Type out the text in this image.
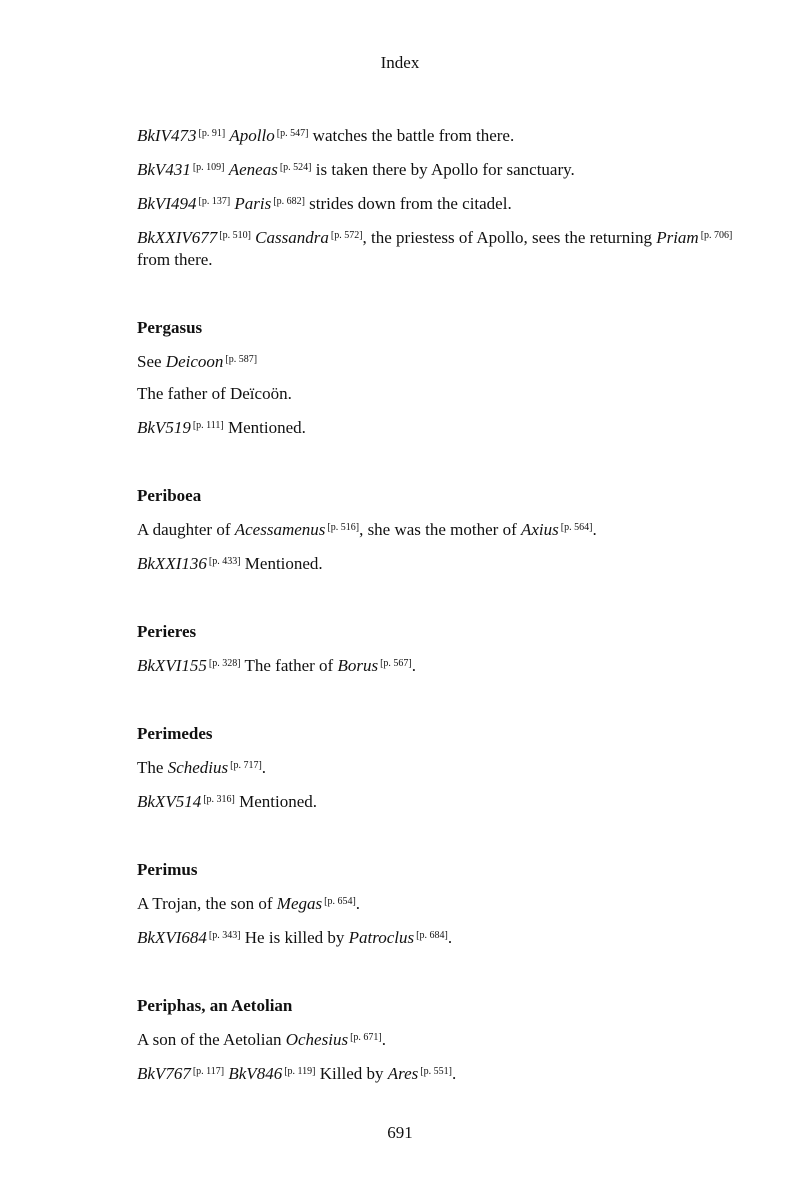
Index
BkIV473 [p. 91] Apollo [p. 547] watches the battle from there.
BkV431 [p. 109] Aeneas [p. 524] is taken there by Apollo for sanctuary.
BkVI494 [p. 137] Paris [p. 682] strides down from the citadel.
BkXXIV677 [p. 510] Cassandra [p. 572], the priestess of Apollo, sees the returning Priam [p. 706] from there.
Pergasus
See Deicoon [p. 587]
The father of Deïcoön.
BkV519 [p. 111] Mentioned.
Periboea
A daughter of Acessamenus [p. 516], she was the mother of Axius [p. 564].
BkXXI136 [p. 433] Mentioned.
Perieres
BkXVI155 [p. 328] The father of Borus [p. 567].
Perimedes
The Schedius [p. 717].
BkXV514 [p. 316] Mentioned.
Perimus
A Trojan, the son of Megas [p. 654].
BkXVI684 [p. 343] He is killed by Patroclus [p. 684].
Periphas, an Aetolian
A son of the Aetolian Ochesius [p. 671].
BkV767 [p. 117] BkV846 [p. 119] Killed by Ares [p. 551].
691
